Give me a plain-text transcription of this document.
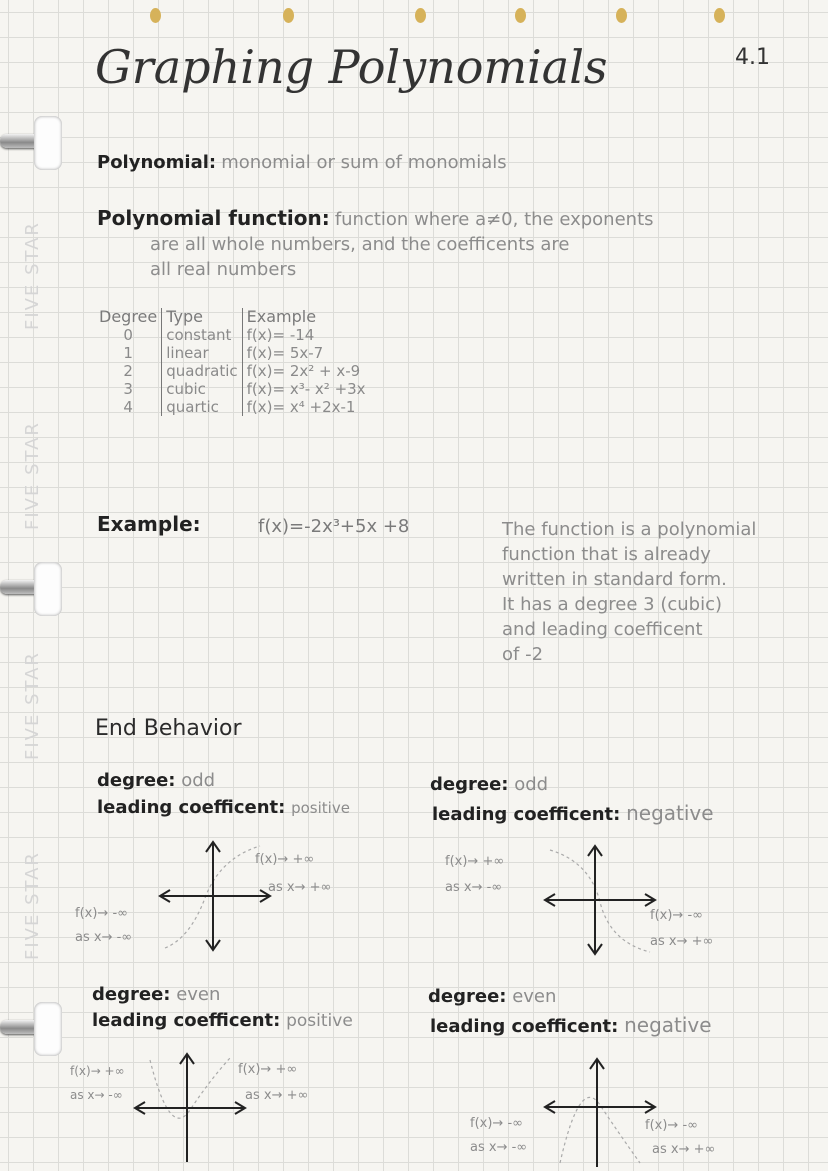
FIVE STAR
FIVE STAR
FIVE STAR
FIVE STAR
Graphing Polynomials	4.1
Polynomial: monomial or sum of monomials
Polynomial function: function where a≠0, the exponents
are all whole numbers, and the coefficents are
all real numbers
Degree	Type	Example
0	constant	f(x)= -14
1	linear	f(x)= 5x-7
2	quadratic	f(x)= 2x² + x-9
3	cubic	f(x)= x³- x² +3x
4	quartic	f(x)= x⁴ +2x-1
Example:	f(x)=-2x³+5x +8	The function is a polynomial
function that is already
written in standard form.
It has a degree 3 (cubic)
and leading coefficent
of -2
End Behavior
degree: odd
leading coefficent: positive
f(x)→ +∞
as x→ +∞
f(x)→ -∞
as x→ -∞
degree: odd
leading coefficent: negative
f(x)→ +∞
as x→ -∞
f(x)→ -∞
as x→ +∞
degree: even
leading coefficent: positive
f(x)→ +∞
as x→ -∞
f(x)→ +∞
as x→ +∞
degree: even
leading coefficent: negative
f(x)→ -∞
as x→ -∞
f(x)→ -∞
as x→ +∞
